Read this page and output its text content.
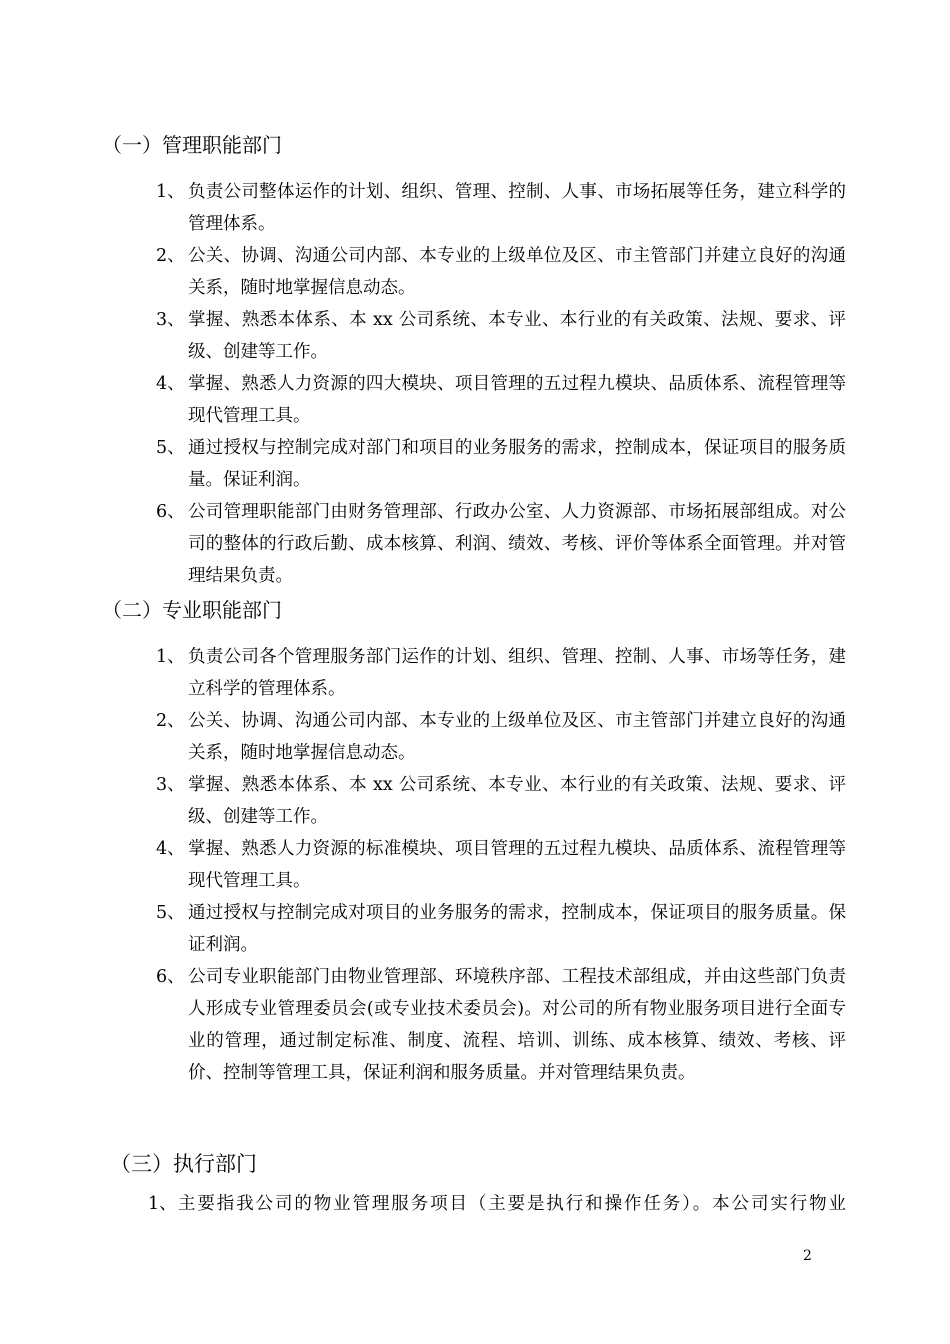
（一）管理职能部门
1、 负责公司整体运作的计划、组织、管理、控制、人事、市场拓展等任务，建立科学的管理体系。
2、 公关、协调、沟通公司内部、本专业的上级单位及区、市主管部门并建立良好的沟通关系，随时地掌握信息动态。
3、 掌握、熟悉本体系、本 xx 公司系统、本专业、本行业的有关政策、法规、要求、评级、创建等工作。
4、 掌握、熟悉人力资源的四大模块、项目管理的五过程九模块、品质体系、流程管理等现代管理工具。
5、 通过授权与控制完成对部门和项目的业务服务的需求，控制成本，保证项目的服务质量。保证利润。
6、 公司管理职能部门由财务管理部、行政办公室、人力资源部、市场拓展部组成。对公司的整体的行政后勤、成本核算、利润、绩效、考核、评价等体系全面管理。并对管理结果负责。
（二）专业职能部门
1、 负责公司各个管理服务部门运作的计划、组织、管理、控制、人事、市场等任务，建立科学的管理体系。
2、 公关、协调、沟通公司内部、本专业的上级单位及区、市主管部门并建立良好的沟通关系，随时地掌握信息动态。
3、 掌握、熟悉本体系、本 xx 公司系统、本专业、本行业的有关政策、法规、要求、评级、创建等工作。
4、 掌握、熟悉人力资源的标准模块、项目管理的五过程九模块、品质体系、流程管理等现代管理工具。
5、 通过授权与控制完成对项目的业务服务的需求，控制成本，保证项目的服务质量。保证利润。
6、 公司专业职能部门由物业管理部、环境秩序部、工程技术部组成，并由这些部门负责人形成专业管理委员会(或专业技术委员会)。对公司的所有物业服务项目进行全面专业的管理，通过制定标准、制度、流程、培训、训练、成本核算、绩效、考核、评价、控制等管理工具，保证利润和服务质量。并对管理结果负责。
（三）执行部门
1、 主要指我公司的物业管理服务项目（主要是执行和操作任务）。本公司实行物业
2
